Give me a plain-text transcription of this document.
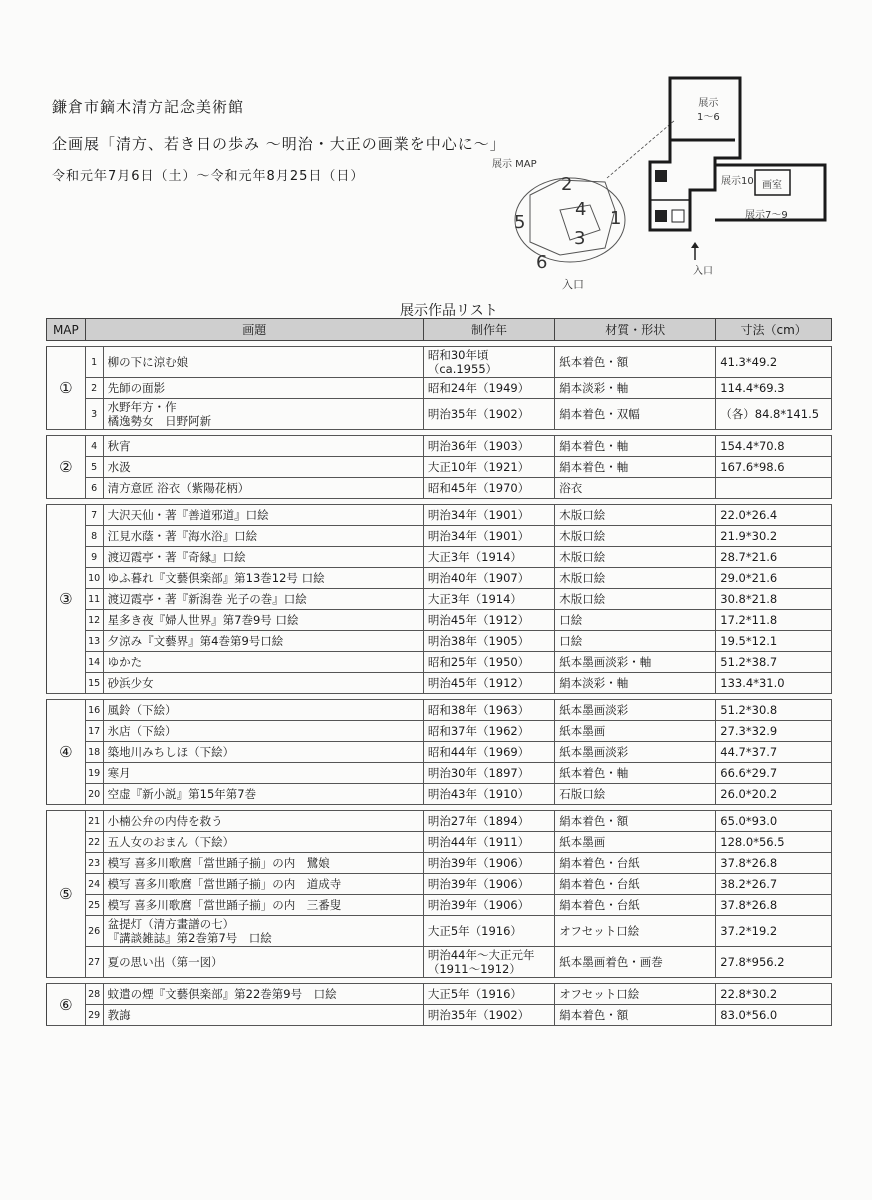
鎌倉市鏑木清方記念美術館
企画展「清方、若き日の歩み ～明治・大正の画業を中心に～」
令和元年7月6日（土）～令和元年8月25日（日）
展示 MAP
入口
2
4 1
5
3
6
展示
1～6
展示10 画室
展示7～9
入口
展示作品リスト
MAP	画題		制作年	材質・形状	寸法（cm）

①	1	柳の下に涼む娘	昭和30年頃（ca.1955）	紙本着色・額	41.3*49.2
	2	先師の面影	昭和24年（1949）	絹本淡彩・軸	114.4*69.3
	3	水野年方・作
橘逸勢女　日野阿新	明治35年（1902）	絹本着色・双幅	（各）84.8*141.5

②	4	秋宵	明治36年（1903）	絹本着色・軸	154.4*70.8
	5	水汲	大正10年（1921）	絹本着色・軸	167.6*98.6
	6	清方意匠 浴衣（紫陽花柄）	昭和45年（1970）	浴衣	

③	7	大沢天仙・著『善道邪道』口絵	明治34年（1901）	木版口絵	22.0*26.4
	8	江見水蔭・著『海水浴』口絵	明治34年（1901）	木版口絵	21.9*30.2
	9	渡辺霞亭・著『奇縁』口絵	大正3年（1914）	木版口絵	28.7*21.6
	10	ゆふ暮れ『文藝倶楽部』第13巻12号 口絵	明治40年（1907）	木版口絵	29.0*21.6
	11	渡辺霞亭・著『新潟巻 光子の巻』口絵	大正3年（1914）	木版口絵	30.8*21.8
	12	星多き夜『婦人世界』第7巻9号 口絵	明治45年（1912）	口絵	17.2*11.8
	13	夕涼み『文藝界』第4巻第9号口絵	明治38年（1905）	口絵	19.5*12.1
	14	ゆかた	昭和25年（1950）	紙本墨画淡彩・軸	51.2*38.7
	15	砂浜少女	明治45年（1912）	絹本淡彩・軸	133.4*31.0

④	16	風鈴（下絵）	昭和38年（1963）	紙本墨画淡彩	51.2*30.8
	17	氷店（下絵）	昭和37年（1962）	紙本墨画	27.3*32.9
	18	築地川みちしほ（下絵）	昭和44年（1969）	紙本墨画淡彩	44.7*37.7
	19	寒月	明治30年（1897）	紙本着色・軸	66.6*29.7
	20	空虚『新小説』第15年第7巻	明治43年（1910）	石版口絵	26.0*20.2

⑤	21	小楠公弁の内侍を救う	明治27年（1894）	絹本着色・額	65.0*93.0
	22	五人女のおまん（下絵）	明治44年（1911）	紙本墨画	128.0*56.5
	23	模写 喜多川歌麿「當世踊子揃」の内　鷺娘	明治39年（1906）	絹本着色・台紙	37.8*26.8
	24	模写 喜多川歌麿「當世踊子揃」の内　道成寺	明治39年（1906）	絹本着色・台紙	38.2*26.7
	25	模写 喜多川歌麿「當世踊子揃」の内　三番叟	明治39年（1906）	絹本着色・台紙	37.8*26.8
	26	盆提灯（清方畫譜の七）
『講談雑誌』第2巻第7号　口絵	大正5年（1916）	オフセット口絵	37.2*19.2
	27	夏の思い出（第一図）	明治44年～大正元年
（1911～1912）	紙本墨画着色・画巻	27.8*956.2

⑥	28	蚊遣の煙『文藝倶楽部』第22巻第9号　口絵	大正5年（1916）	オフセット口絵	22.8*30.2
	29	教誨	明治35年（1902）	絹本着色・額	83.0*56.0
